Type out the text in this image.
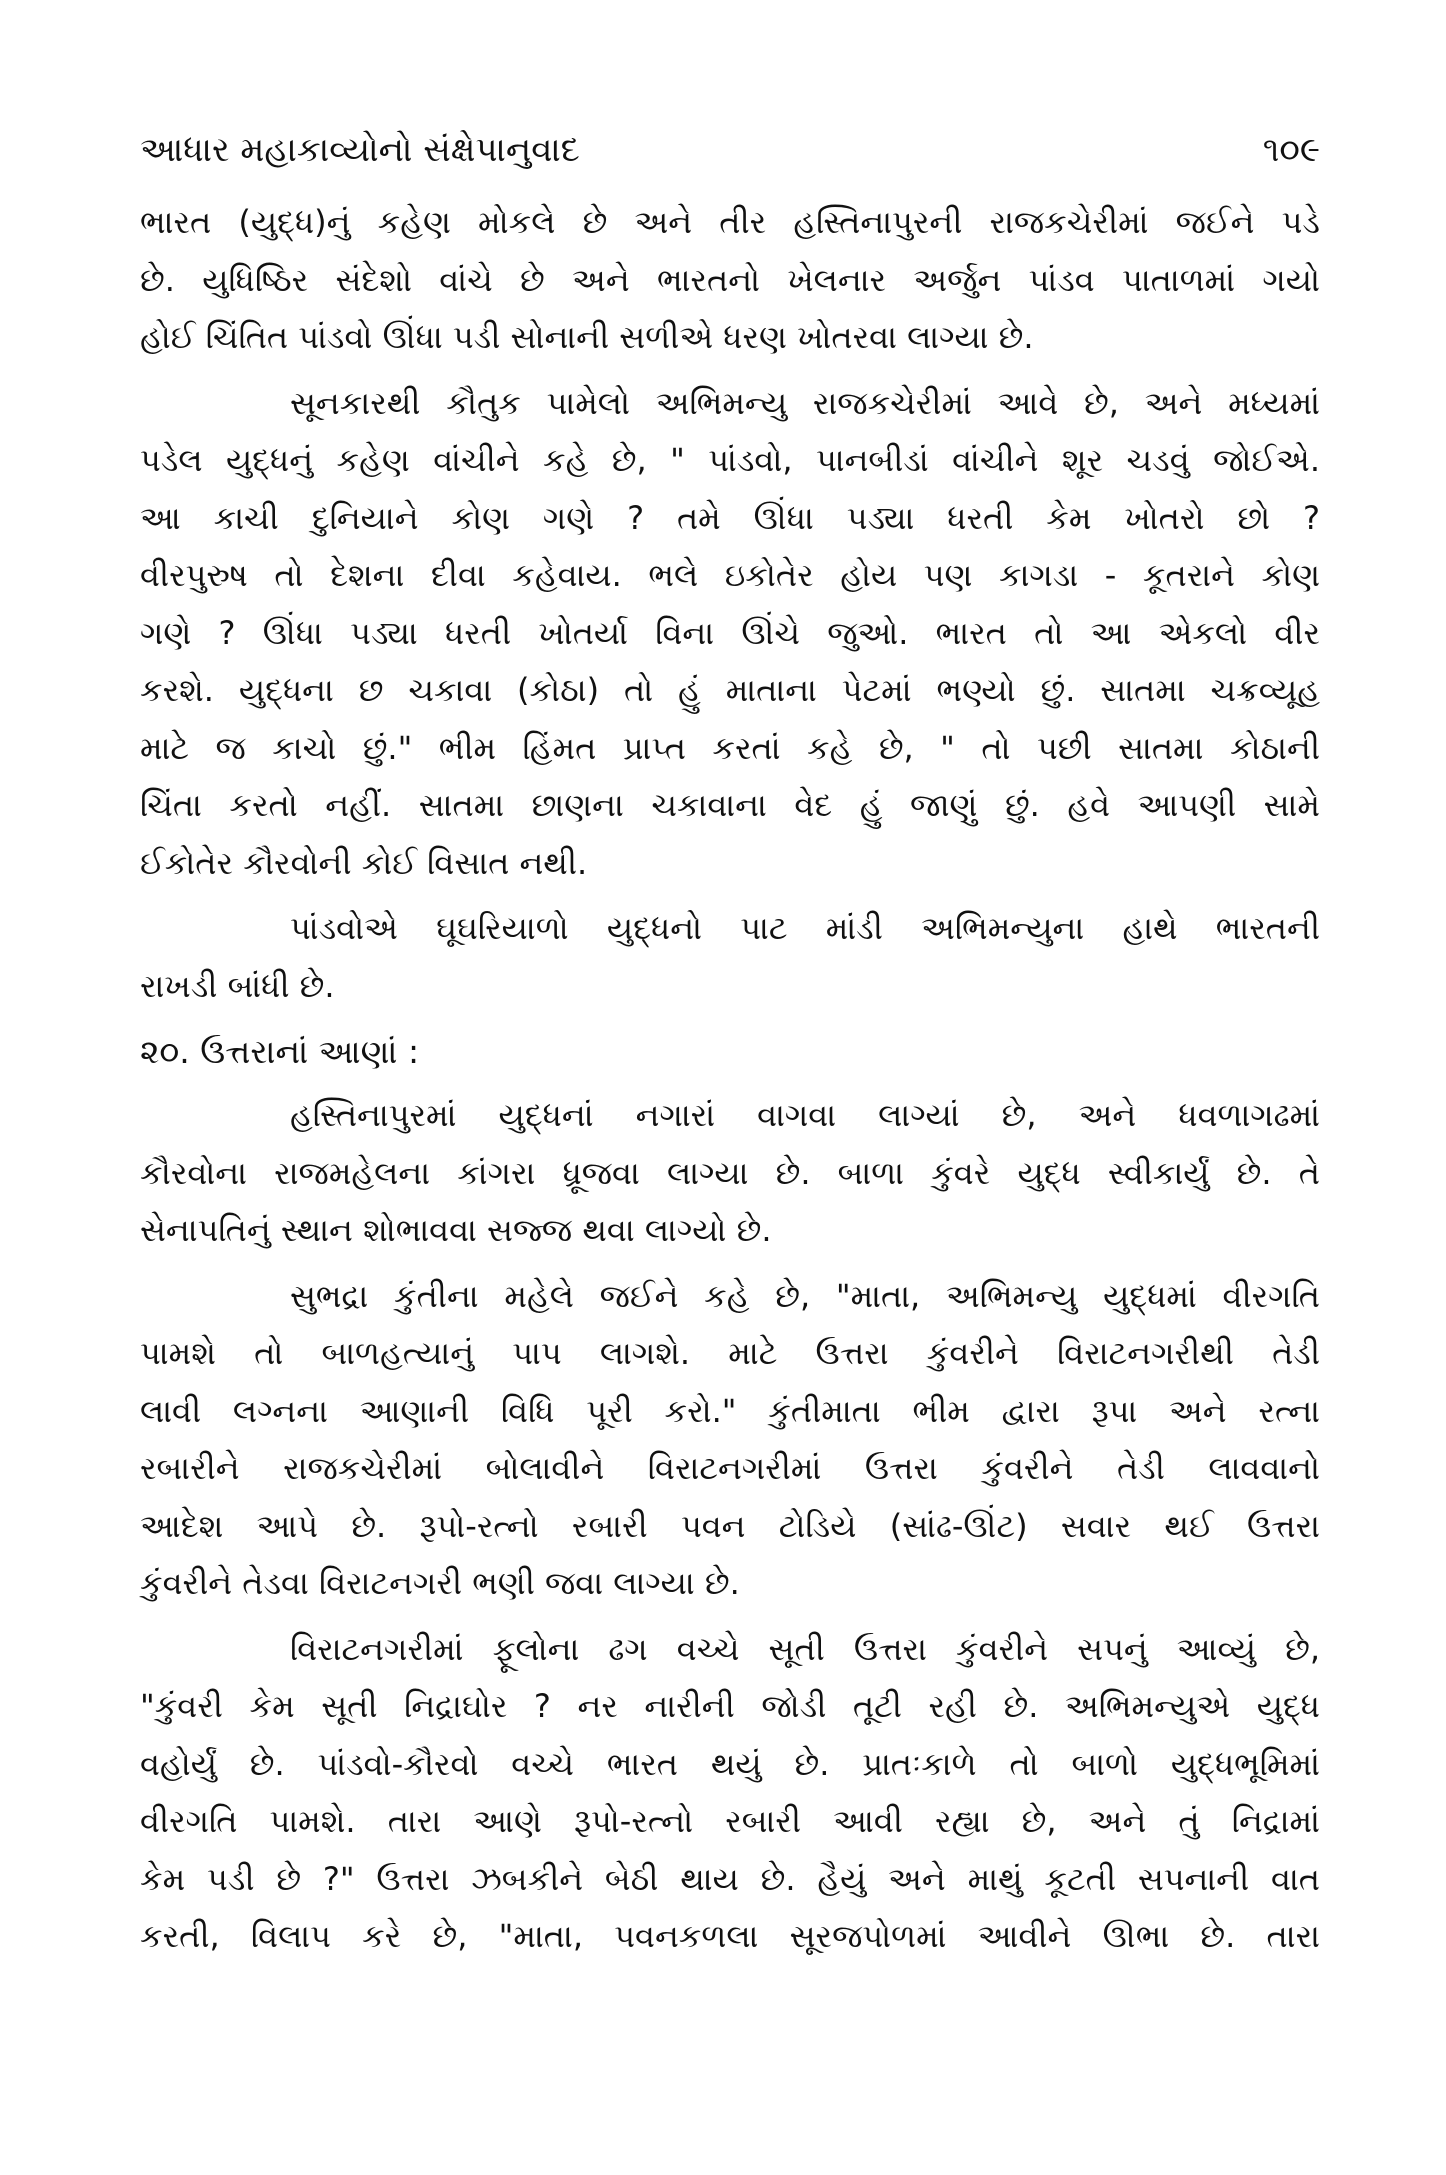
આધાર મહાકાવ્યોનો સંક્ષેપાનુવાદ	૧૦૯

ભારત (યુદ્ધ)નું કહેણ મોકલે છે અને તીર હસ્તિનાપુરની રાજકચેરીમાં જઈને પડે
છે. યુધિષ્ઠિર સંદેશો વાંચે છે અને ભારતનો ખેલનાર અર્જુન પાંડવ પાતાળમાં ગયો
હોઈ ચિંતિત પાંડવો ઊંધા પડી સોનાની સળીએ ધરણ ખોતરવા લાગ્યા છે.

સૂનકારથી કૌતુક પામેલો અભિમન્યુ રાજકચેરીમાં આવે છે, અને મધ્યમાં
પડેલ યુદ્ધનું કહેણ વાંચીને કહે છે, " પાંડવો, પાનબીડાં વાંચીને શૂર ચડવું જોઈએ.
આ કાચી દુનિયાને કોણ ગણે ? તમે ઊંધા પડ્યા ધરતી કેમ ખોતરો છો ?
વીરપુરુષ તો દેશના દીવા કહેવાય. ભલે ઇકોતેર હોય પણ કાગડા - કૂતરાને કોણ
ગણે ? ઊંધા પડ્યા ધરતી ખોતર્યા વિના ઊંચે જુઓ. ભારત તો આ એકલો વીર
કરશે. યુદ્ધના છ ચકાવા (કોઠા) તો હું માતાના પેટમાં ભણ્યો છું. સાતમા ચક્રવ્યૂહ
માટે જ કાચો છું." ભીમ હિંમત પ્રાપ્ત કરતાં કહે છે, " તો પછી સાતમા કોઠાની
ચિંતા કરતો નહીં. સાતમા છાણના ચકાવાના વેદ હું જાણું છું. હવે આપણી સામે
ઈકોતેર કૌરવોની કોઈ વિસાત નથી.

પાંડવોએ ઘૂઘરિયાળો યુદ્ધનો પાટ માંડી અભિમન્યુના હાથે ભારતની
રાખડી બાંધી છે.

૨૦. ઉત્તરાનાં આણાં :

હસ્તિનાપુરમાં યુદ્ધનાં નગારાં વાગવા લાગ્યાં છે, અને ધવળાગઢમાં
કૌરવોના રાજમહેલના કાંગરા ધ્રૂજવા લાગ્યા છે. બાળા કુંવરે યુદ્ધ સ્વીકાર્યું છે. તે
સેનાપતિનું સ્થાન શોભાવવા સજ્જ થવા લાગ્યો છે.

સુભદ્રા કુંતીના મહેલે જઈને કહે છે, "માતા, અભિમન્યુ યુદ્ધમાં વીરગતિ
પામશે તો બાળહત્યાનું પાપ લાગશે. માટે ઉત્તરા કુંવરીને વિરાટનગરીથી તેડી
લાવી લગ્નના આણાની વિધિ પૂરી કરો." કુંતીમાતા ભીમ દ્વારા રૂપા અને રત્ના
રબારીને રાજકચેરીમાં બોલાવીને વિરાટનગરીમાં ઉત્તરા કુંવરીને તેડી લાવવાનો
આદેશ આપે છે. રૂપો-રત્નો રબારી પવન ટોડિયે (સાંઢ-ઊંટ) સવાર થઈ ઉત્તરા
કુંવરીને તેડવા વિરાટનગરી ભણી જવા લાગ્યા છે.

વિરાટનગરીમાં ફૂલોના ઢગ વચ્ચે સૂતી ઉત્તરા કુંવરીને સપનું આવ્યું છે,
"કુંવરી કેમ સૂતી નિદ્રાઘોર ? નર નારીની જોડી તૂટી રહી છે. અભિમન્યુએ યુદ્ધ
વહોર્યું છે. પાંડવો-કૌરવો વચ્ચે ભારત થયું છે. પ્રાતઃકાળે તો બાળો યુદ્ધભૂમિમાં
વીરગતિ પામશે. તારા આણે રૂપો-રત્નો રબારી આવી રહ્યા છે, અને તું નિદ્રામાં
કેમ પડી છે ?" ઉત્તરા ઝબકીને બેઠી થાય છે. હૈયું અને માથું કૂટતી સપનાની વાત
કરતી, વિલાપ કરે છે, "માતા, પવનકળલા સૂરજપોળમાં આવીને ઊભા છે. તારા
